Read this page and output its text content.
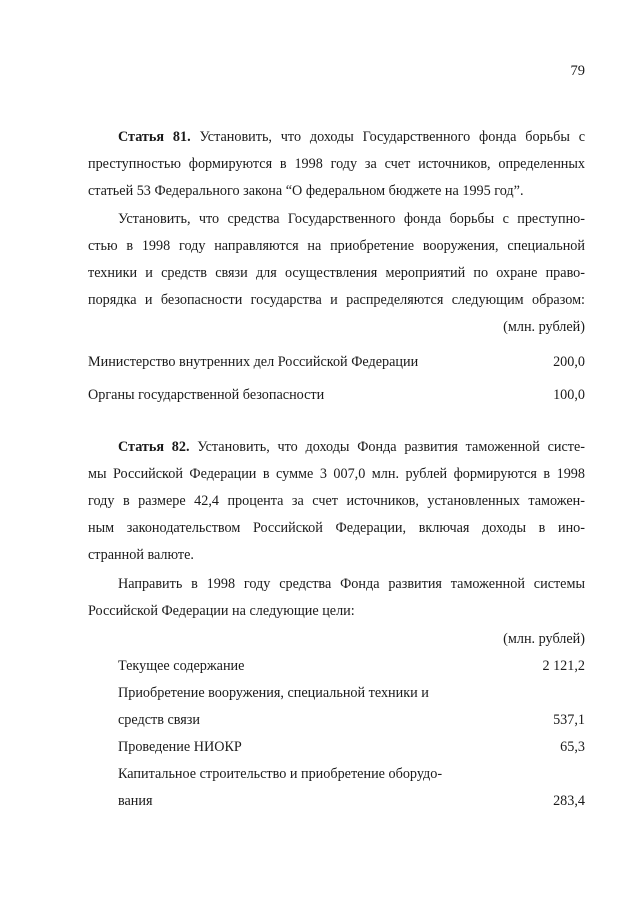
79
Статья 81. Установить, что доходы Государственного фонда борьбы с
преступностью формируются в 1998 году за счет источников, определенных
статьей 53 Федерального закона “О федеральном бюджете на 1995 год”.
Установить, что средства Государственного фонда борьбы с преступно-
стью в 1998 году направляются на приобретение вооружения, специальной
техники и средств связи для осуществления мероприятий по охране право-
порядка и безопасности государства и распределяются следующим образом:
(млн. рублей)
Министерство внутренних дел Российской Федерации	200,0
Органы государственной безопасности	100,0
Статья 82. Установить, что доходы Фонда развития таможенной систе-
мы Российской Федерации в сумме 3 007,0 млн. рублей формируются в 1998
году в размере 42,4 процента за счет источников, установленных таможен-
ным законодательством Российской Федерации, включая доходы в ино-
странной валюте.
Направить в 1998 году средства Фонда развития таможенной системы
Российской Федерации на следующие цели:
(млн. рублей)
Текущее содержание	2 121,2
Приобретение вооружения, специальной техники и
средств связи	537,1
Проведение НИОКР	65,3
Капитальное строительство и приобретение оборудо-
вания	283,4
